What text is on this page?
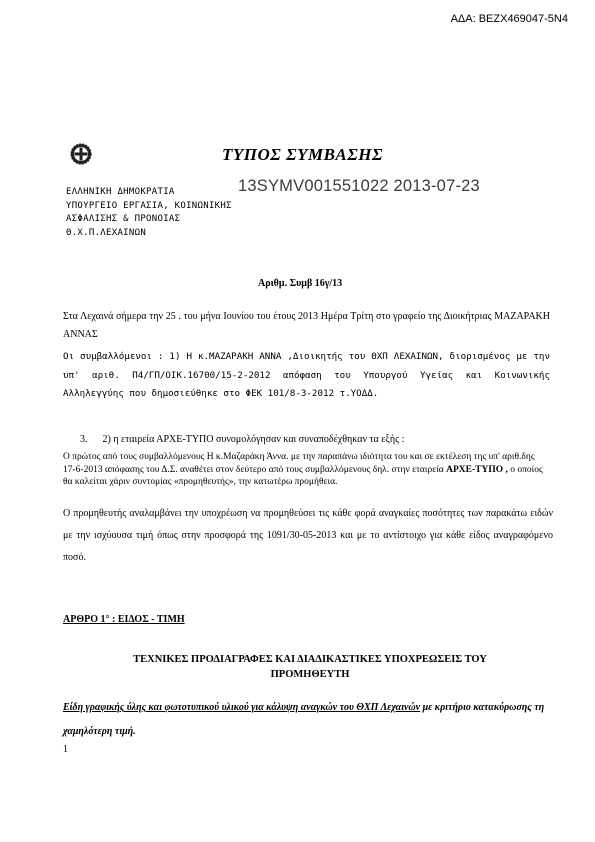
ΑΔΑ: ΒΕΖΧ469047-5Ν4
ΤΥΠΟΣ ΣΥΜΒΑΣΗΣ
ΕΛΛΗΝΙΚΗ ΔΗΜΟΚΡΑΤΙΑ
ΥΠΟΥΡΓΕΙΟ ΕΡΓΑΣΙΑ, ΚΟΙΝΩΝΙΚΗΣ
ΑΣΦΑΛΙΣΗΣ & ΠΡΟΝΟΙΑΣ
Θ.Χ.Π.ΛΕΧΑΙΝΩΝ
13SYMV001551022 2013-07-23
Αριθμ. Συμβ 16γ/13
Στα Λεχαινά σήμερα την 25 . του μήνα Ιουνίου του έτους 2013 Ημέρα Τρίτη στο γραφείο της Διοικήτριας ΜΑΖΑΡΑΚΗ ΑΝΝΑΣ
Οι συμβαλλόμενοι : 1) Η κ.ΜΑΖΑΡΑΚΗ ΑΝΝΑ ,Διοικητής του ΘΧΠ ΛΕΧΑΙΝΩΝ, διορισμένος με την υπ' αριθ. Π4/ΓΠ/ΟΙΚ.16700/15-2-2012 απόφαση του Υπουργού Υγείας και Κοινωνικής Αλληλεγγύης που δημοσιεύθηκε στο ΦΕΚ 101/8-3-2012 τ.ΥΟΔΔ.
3. 2) η εταιρεία ΑΡΧΕ-ΤΥΠΟ συνομολόγησαν και συναποδέχθηκαν τα εξής :
Ο πρώτος από τους συμβαλλόμενους Η κ.Μαζαράκη Άννα. με την παραπάνω ιδιότητα του και σε εκτέλεση της υπ' αριθ.δης 17-6-2013 απόφασης του Δ.Σ. αναθέτει στον δεύτερο από τους συμβαλλόμενους δηλ. στην εταιρεία ΑΡΧΕ-ΤΥΠΟ , ο οποίος θα καλείται χάριν συντομίας «προμηθευτής», την κατωτέρω προμήθεια.
Ο προμηθευτής αναλαμβάνει την υποχρέωση να προμηθεύσει τις κάθε φορά αναγκαίες ποσότητες των παρακάτω ειδών με την ισχύουσα τιμή όπως στην προσφορά της 1091/30-05-2013 και με το αντίστοιχο για κάθε είδος αναγραφόμενο ποσό.
ΑΡΘΡΟ 1° : ΕΙΔΟΣ - ΤΙΜΗ
ΤΕΧΝΙΚΕΣ ΠΡΟΔΙΑΓΡΑΦΕΣ ΚΑΙ ΔΙΑΔΙΚΑΣΤΙΚΕΣ ΥΠΟΧΡΕΩΣΕΙΣ ΤΟΥ ΠΡΟΜΗΘΕΥΤΗ
Είδη γραφικής ύλης και φωτοτυπικού υλικού για κάλυψη αναγκών του ΘΧΠ Λεχαινών με κριτήριο κατακύρωσης τη χαμηλότερη τιμή.
1
